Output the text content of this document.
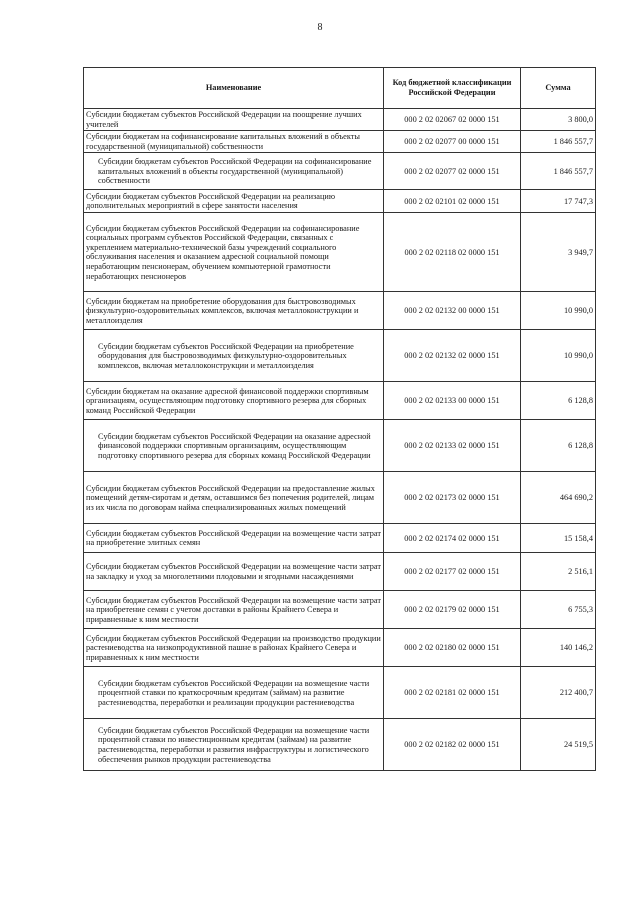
8
Наименование	Код бюджетной классификации Российской Федерации	Сумма
Субсидии бюджетам субъектов Российской Федерации на поощрение лучших учителей	000 2 02 02067 02 0000 151	3 800,0
Субсидии бюджетам на софинансирование капитальных вложений в объекты государственной (муниципальной) собственности	000 2 02 02077 00 0000 151	1 846 557,7
Субсидии бюджетам субъектов Российской Федерации на софинансирование капитальных вложений в объекты государственной (муниципальной) собственности	000 2 02 02077 02 0000 151	1 846 557,7
Субсидии бюджетам субъектов Российской Федерации на реализацию дополнительных мероприятий в сфере занятости населения	000 2 02 02101 02 0000 151	17 747,3
Субсидии бюджетам субъектов Российской Федерации на софинансирование социальных программ субъектов Российской Федерации, связанных с укреплением материально-технической базы учреждений социального обслуживания населения и оказанием адресной социальной помощи неработающим пенсионерам, обучением компьютерной грамотности неработающих пенсионеров	000 2 02 02118 02 0000 151	3 949,7
Субсидии бюджетам на приобретение оборудования для быстровозводимых физкультурно-оздоровительных комплексов, включая металлоконструкции и металлоизделия	000 2 02 02132 00 0000 151	10 990,0
Субсидии бюджетам субъектов Российской Федерации на приобретение оборудования для быстровозводимых физкультурно-оздоровительных комплексов, включая металлоконструкции и металлоизделия	000 2 02 02132 02 0000 151	10 990,0
Субсидии бюджетам на оказание адресной финансовой поддержки спортивным организациям, осуществляющим подготовку спортивного резерва для сборных команд Российской Федерации	000 2 02 02133 00 0000 151	6 128,8
Субсидии бюджетам субъектов Российской Федерации на оказание адресной финансовой поддержки спортивным организациям, осуществляющим подготовку спортивного резерва для сборных команд Российской Федерации	000 2 02 02133 02 0000 151	6 128,8
Субсидии бюджетам субъектов Российской Федерации на предоставление жилых помещений детям-сиротам и детям, оставшимся без попечения родителей, лицам из их числа по договорам найма специализированных жилых помещений	000 2 02 02173 02 0000 151	464 690,2
Субсидии бюджетам субъектов Российской Федерации на возмещение части затрат на приобретение элитных семян	000 2 02 02174 02 0000 151	15 158,4
Субсидии бюджетам субъектов Российской Федерации на возмещение части затрат на закладку и уход за многолетними плодовыми и ягодными насаждениями	000 2 02 02177 02 0000 151	2 516,1
Субсидии бюджетам субъектов Российской Федерации на возмещение части затрат на приобретение семян с учетом доставки в районы Крайнего Севера и приравненные к ним местности	000 2 02 02179 02 0000 151	6 755,3
Субсидии бюджетам субъектов Российской Федерации на производство продукции растениеводства на низкопродуктивной пашне в районах Крайнего Севера и приравненных к ним местности	000 2 02 02180 02 0000 151	140 146,2
Субсидии бюджетам субъектов Российской Федерации на возмещение части процентной ставки по краткосрочным кредитам (займам) на развитие растениеводства, переработки и реализации продукции растениеводства	000 2 02 02181 02 0000 151	212 400,7
Субсидии бюджетам субъектов Российской Федерации на возмещение части процентной ставки по инвестиционным кредитам (займам) на развитие растениеводства, переработки и развития инфраструктуры и логистического обеспечения рынков продукции растениеводства	000 2 02 02182 02 0000 151	24 519,5
